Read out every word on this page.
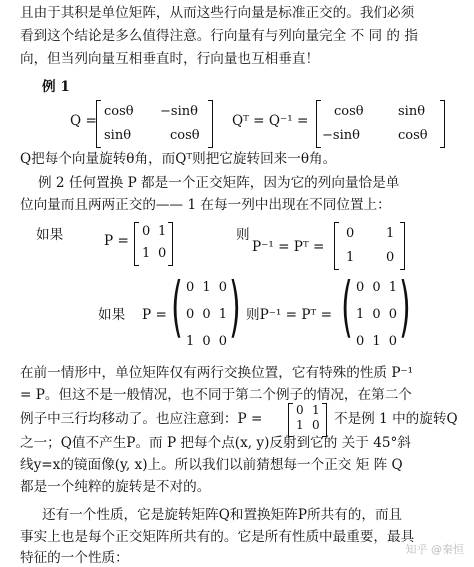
且由于其积是单位矩阵，从而这些行向量是标准正交的。我们必须
看到这个结论是多么值得注意。行向量有与列向量完全 不 同 的 指
向，但当列向量互相垂直时，行向量也互相垂直！
例 1
Q =
cosθ −sinθ
sinθ	cosθ
Qᵀ = Q⁻¹ =
cosθ	sinθ
−sinθ	cosθ
Q把每个向量旋转θ角，而Qᵀ则把它旋转回来一θ角。
例 2 任何置换 P 都是一个正交矩阵，因为它的列向量恰是单
位向量而且两两正交的—— 1 在每一列中出现在不同位置上：
如果	P =
0 1
1 0
则
P⁻¹ = Pᵀ =
0 1
1 0
如果 P = ( 0 1 0
0 0 1
1 0 0 ) 则P⁻¹ = Pᵀ = ( 0 0 1
1 0 0
0 1 0 )
在前一情形中，单位矩阵仅有两行交换位置，它有特殊的性质 P⁻¹
= P。但这不是一般情况，也不同于第二个例子的情况，在第二个
例子中三行均移动了。也应注意到：P =
0 1
1 0 不是例 1 中的旋转Q
之一；Q值不产生P。而 P 把每个点(x, y)反射到它的 关于 45°斜
线y=x的镜面像(y, x)上。所以我们以前猜想每一个正交 矩 阵 Q
都是一个纯粹的旋转是不对的。
还有一个性质，它是旋转矩阵Q和置换矩阵P所共有的，而且
事实上也是每个正交矩阵所共有的。它是所有性质中最重要，最具
特征的一个性质：
知乎 @秦恒
